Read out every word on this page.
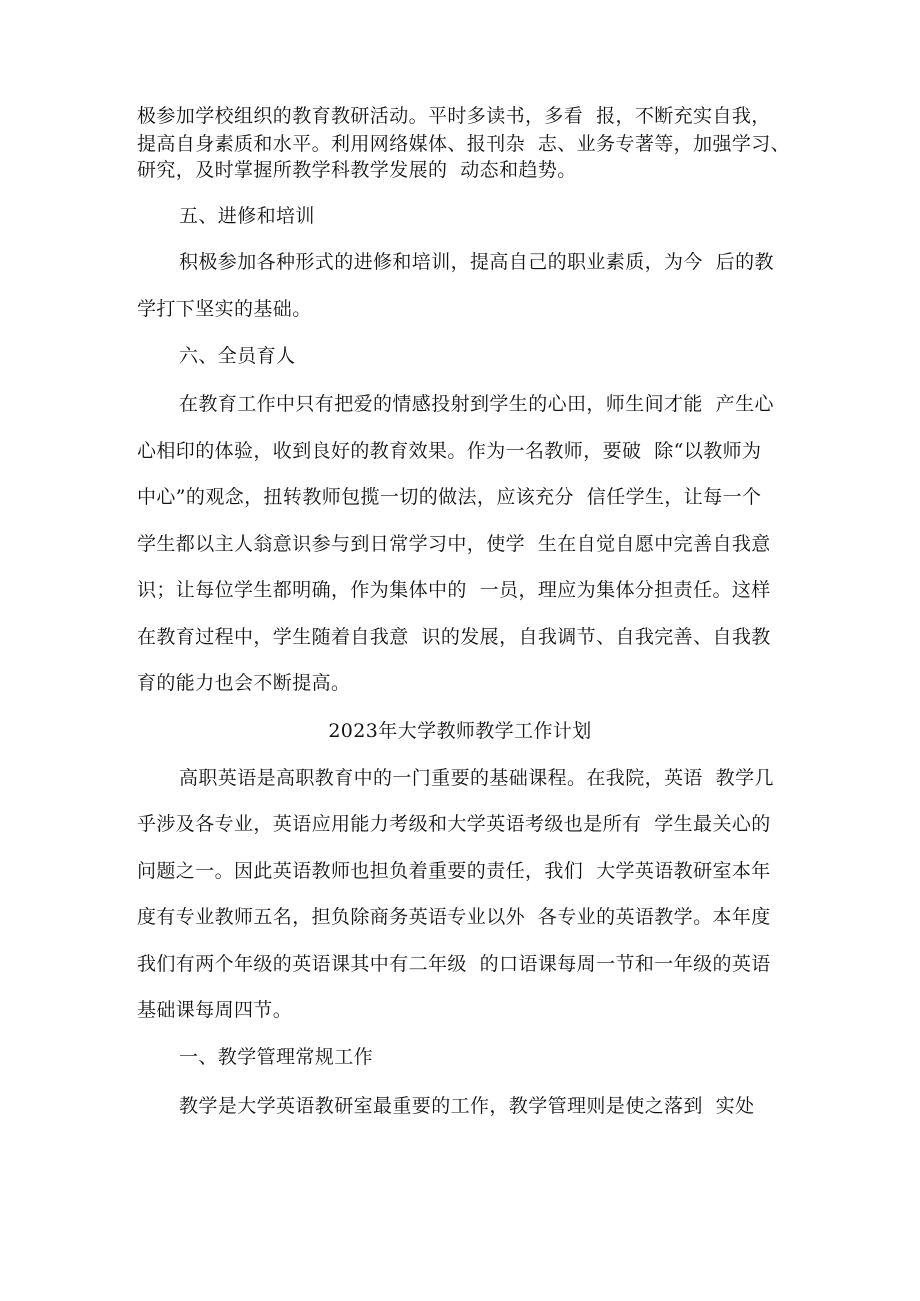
极参加学校组织的教育教研活动。平时多读书，多看  报，不断充实自我，
提高自身素质和水平。利用网络媒体、报刊杂  志、业务专著等，加强学习、
研究，及时掌握所教学科教学发展的  动态和趋势。
五、进修和培训
积极参加各种形式的进修和培训，提高自己的职业素质，为今  后的教
学打下坚实的基础。
六、全员育人
在教育工作中只有把爱的情感投射到学生的心田，师生间才能  产生心
心相印的体验，收到良好的教育效果。作为一名教师，要破  除“以教师为
中心”的观念，扭转教师包揽一切的做法，应该充分  信任学生，让每一个
学生都以主人翁意识参与到日常学习中，使学  生在自觉自愿中完善自我意
识；让每位学生都明确，作为集体中的  一员，理应为集体分担责任。这样
在教育过程中，学生随着自我意  识的发展，自我调节、自我完善、自我教
育的能力也会不断提高。
2023年大学教师教学工作计划
高职英语是高职教育中的一门重要的基础课程。在我院，英语  教学几
乎涉及各专业，英语应用能力考级和大学英语考级也是所有  学生最关心的
问题之一。因此英语教师也担负着重要的责任，我们  大学英语教研室本年
度有专业教师五名，担负除商务英语专业以外  各专业的英语教学。本年度
我们有两个年级的英语课其中有二年级  的口语课每周一节和一年级的英语
基础课每周四节。
一、教学管理常规工作
教学是大学英语教研室最重要的工作，教学管理则是使之落到  实处
